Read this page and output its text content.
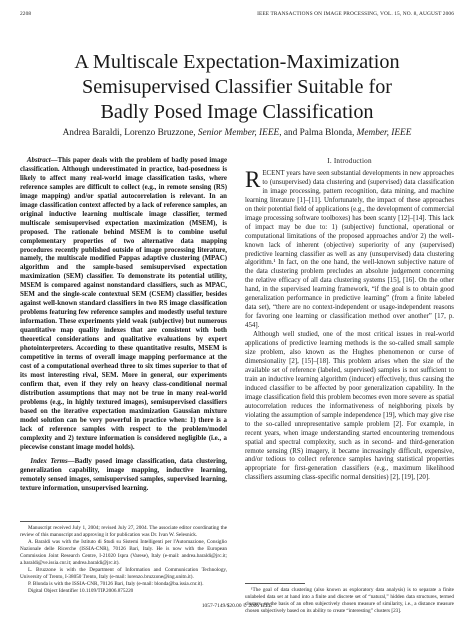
2208	IEEE TRANSACTIONS ON IMAGE PROCESSING, VOL. 15, NO. 8, AUGUST 2006
A Multiscale Expectation-Maximization
Semisupervised Classifier Suitable for
Badly Posed Image Classification
Andrea Baraldi, Lorenzo Bruzzone, Senior Member, IEEE, and Palma Blonda, Member, IEEE
Abstract—This paper deals with the problem of badly posed image classification. Although underestimated in practice, bad-posedness is likely to affect many real-world image classification tasks, where reference samples are difficult to collect (e.g., in remote sensing (RS) image mapping) and/or spatial autocorrelation is relevant. In an image classification context affected by a lack of reference samples, an original inductive learning multiscale image classifier, termed multiscale semisupervised expectation maximization (MSEM), is proposed. The rationale behind MSEM is to combine useful complementary properties of two alternative data mapping procedures recently published outside of image processing literature, namely, the multiscale modified Pappas adaptive clustering (MPAC) algorithm and the sample-based semisupervised expectation maximization (SEM) classifier. To demonstrate its potential utility, MSEM is compared against nonstandard classifiers, such as MPAC, SEM and the single-scale contextual SEM (CSEM) classifier, besides against well-known standard classifiers in two RS image classification problems featuring few reference samples and modestly useful texture information. These experiments yield weak (subjective) but numerous quantitative map quality indexes that are consistent with both theoretical considerations and qualitative evaluations by expert photointerpreters. According to these quantitative results, MSEM is competitive in terms of overall image mapping performance at the cost of a computational overhead three to six times superior to that of its most interesting rival, SEM. More in general, our experiments confirm that, even if they rely on heavy class-conditional normal distribution assumptions that may not be true in many real-world problems (e.g., in highly textured images), semisupervised classifiers based on the iterative expectation maximization Gaussian mixture model solution can be very powerful in practice when: 1) there is a lack of reference samples with respect to the problem/model complexity and 2) texture information is considered negligible (i.e., a piecewise constant image model holds).
Index Terms—Badly posed image classification, data clustering, generalization capability, image mapping, inductive learning, remotely sensed images, semisupervised samples, supervised learning, texture information, unsupervised learning.

Manuscript received July 1, 2004; revised July 27, 2004. The associate editor coordinating the review of this manuscript and approving it for publication was Dr. Ivan W. Selesnick.

A. Baraldi was with the Istituto di Studi su Sistemi Intelligenti per l'Automazione, Consiglio Nazionale delle Ricerche (ISSIA-CNR), 70126 Bari, Italy. He is now with the European Commission Joint Research Centre, I-21020 Ispra (Varese), Italy (e-mail: andrea.baraldi@jrc.it; a.baraldi@ve.issia.cnr.it; andrea.baraldi@jrc.it).

L. Bruzzone is with the Department of Information and Communication Technology, University of Trento, I-38050 Trento, Italy (e-mail: lorenzo.bruzzone@ing.unitn.it).

P. Blonda is with the ISSIA-CNR, 70126 Bari, Italy (e-mail: blonda@ba.issia.cnr.it).

Digital Object Identifier 10.1109/TIP.2006.875220

I. Introduction

RECENT years have seen substantial developments in new approaches to (unsupervised) data clustering and (supervised) data classification in image processing, pattern recognition, data mining, and machine learning literature [1]–[11]. Unfortunately, the impact of these approaches on their potential field of applications (e.g., the development of commercial image processing software toolboxes) has been scanty [12]–[14]. This lack of impact may be due to: 1) (subjective) functional, operational or computational limitations of the proposed approaches and/or 2) the well-known lack of inherent (objective) superiority of any (supervised) predictive learning classifier as well as any (unsupervised) data clustering algorithm.¹ In fact, on the one hand, the well-known subjective nature of the data clustering problem precludes an absolute judgement concerning the relative efficacy of all data clustering systems [15], [16]. On the other hand, in the supervised learning framework, “if the goal is to obtain good generalization performance in predictive learning” (from a finite labeled data set), “there are no context-independent or usage-independent reasons for favoring one learning or classification method over another” [17, p. 454].

Although well studied, one of the most critical issues in real-world applications of predictive learning methods is the so-called small sample size problem, also known as the Hughes phenomenon or curse of dimensionality [2], [15]–[18]. This problem arises when the size of the available set of reference (labeled, supervised) samples is not sufficient to train an inductive learning algorithm (inducer) effectively, thus causing the induced classifier to be affected by poor generalization capability. In the image classification field this problem becomes even more severe as spatial autocorrelation reduces the informativeness of neighboring pixels by violating the assumption of sample independence [19], which may give rise to the so-called unrepresentative sample problem [2]. For example, in recent years, when image understanding started encountering tremendous spatial and spectral complexity, such as in second- and third-generation remote sensing (RS) imagery, it became increasingly difficult, expensive, and/or tedious to collect reference samples having statistical properties appropriate for first-generation classifiers (e.g., maximum likelihood classifiers assuming class-specific normal densities) [2], [19], [20].

¹The goal of data clustering (also known as exploratory data analysis) is to separate a finite unlabeled data set at hand into a finite and discrete set of “natural,” hidden data structures, termed clusters, on the basis of an often subjectively chosen measure of similarity, i.e., a distance measure chosen subjectively based on its ability to create “interesting” clusters [23].

1057-7149/$20.00 © 2006 IEEE
